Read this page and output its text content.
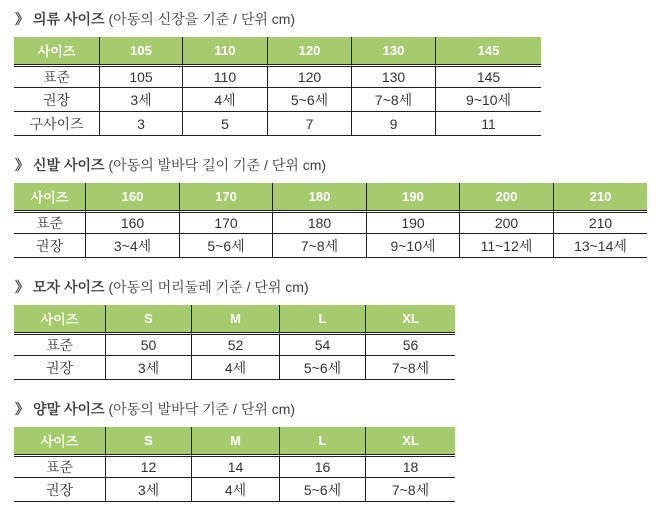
》 의류 사이즈 (아동의 신장을 기준 / 단위 cm)
사이즈	105	110	120	130	145
표준	105	110	120	130	145
권장	3세	4세	5~6세	7~8세	9~10세
구사이즈	3	5	7	9	11
》 신발 사이즈 (아동의 발바닥 길이 기준 / 단위 cm)
사이즈	160	170	180	190	200	210
표준	160	170	180	190	200	210
권장	3~4세	5~6세	7~8세	9~10세	11~12세	13~14세
》 모자 사이즈 (아동의 머리둘레 기준 / 단위 cm)
사이즈	S	M	L	XL
표준	50	52	54	56
권장	3세	4세	5~6세	7~8세
》 양말 사이즈 (아동의 발바닥 기준 / 단위 cm)
사이즈	S	M	L	XL
표준	12	14	16	18
권장	3세	4세	5~6세	7~8세
